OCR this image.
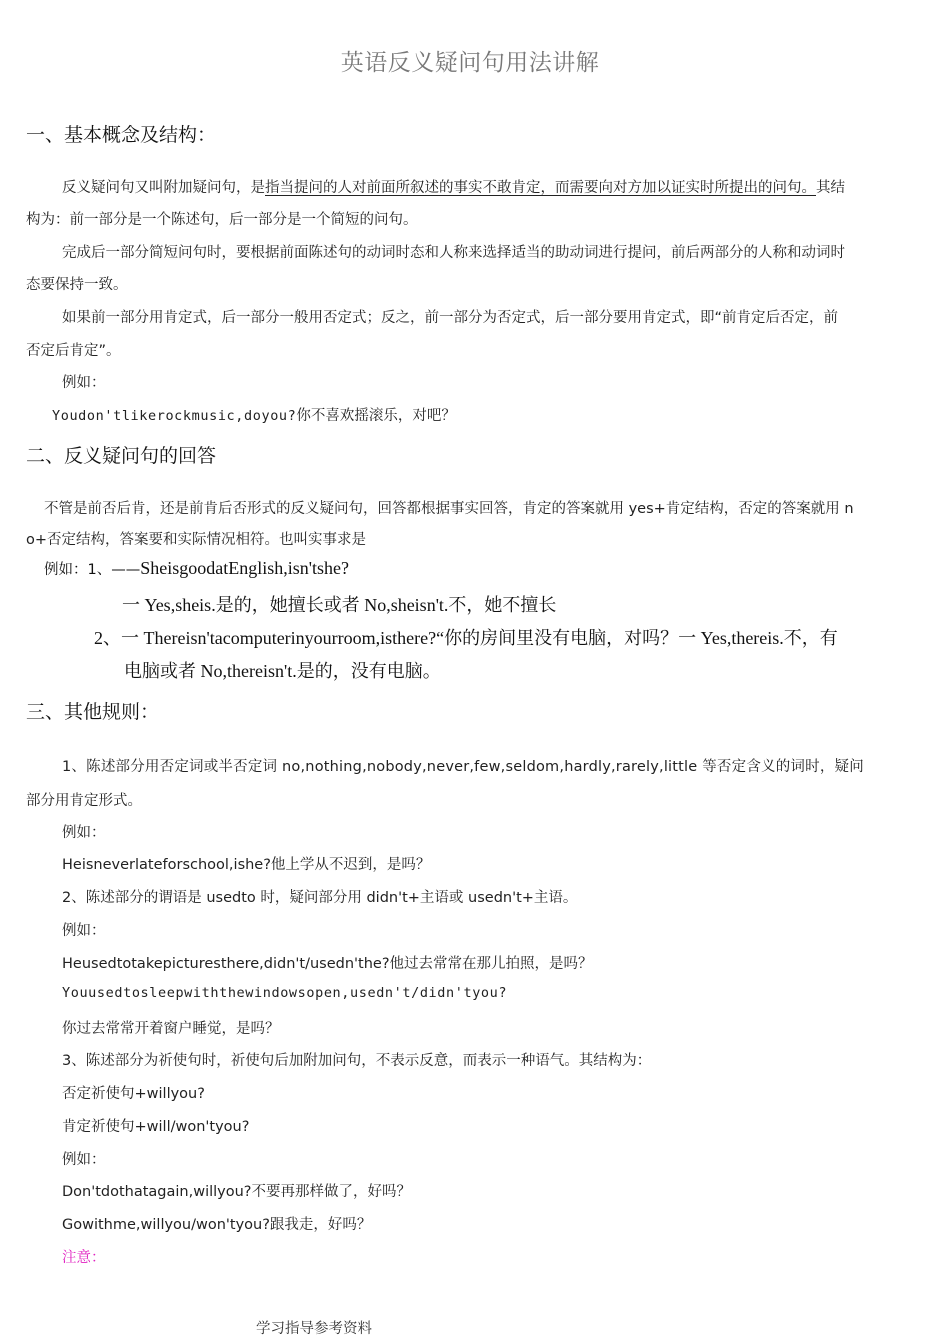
英语反义疑问句用法讲解
一、基本概念及结构：
反义疑问句又叫附加疑问句，是指当提问的人对前面所叙述的事实不敢肯定，而需要向对方加以证实时所提出的问句。其结
构为：前一部分是一个陈述句，后一部分是一个简短的问句。
完成后一部分简短问句时，要根据前面陈述句的动词时态和人称来选择适当的助动词进行提问，前后两部分的人称和动词时
态要保持一致。
如果前一部分用肯定式，后一部分一般用否定式；反之，前一部分为否定式，后一部分要用肯定式，即“前肯定后否定，前
否定后肯定”。
例如：
Youdon'tlikerockmusic,doyou?你不喜欢摇滚乐，对吧？
二、反义疑问句的回答
不管是前否后肯，还是前肯后否形式的反义疑问句，回答都根据事实回答，肯定的答案就用 yes+肯定结构，否定的答案就用 n
o+否定结构，答案要和实际情况相符。也叫实事求是
例如：1、——SheisgoodatEnglish,isn'tshe?
一 Yes,sheis.是的，她擅长或者 No,sheisn't.不，她不擅长
2、一 Thereisn'tacomputerinyourroom,isthere?“你的房间里没有电脑，对吗？一 Yes,thereis.不，有
电脑或者 No,thereisn't.是的，没有电脑。
三、其他规则：
1、陈述部分用否定词或半否定词 no,nothing,nobody,never,few,seldom,hardly,rarely,little 等否定含义的词时，疑问
部分用肯定形式。
例如：
Heisneverlateforschool,ishe?他上学从不迟到，是吗？
2、陈述部分的谓语是 usedto 时，疑问部分用 didn't+主语或 usedn't+主语。
例如：
Heusedtotakepicturesthere,didn't/usedn'the?他过去常常在那儿拍照，是吗？
Youusedtosleepwiththewindowsopen,usedn't/didn'tyou?
你过去常常开着窗户睡觉，是吗？
3、陈述部分为祈使句时，祈使句后加附加问句，不表示反意，而表示一种语气。其结构为：
否定祈使句+willyou?
肯定祈使句+will/won'tyou?
例如：
Don'tdothatagain,willyou?不要再那样做了，好吗？
Gowithme,willyou/won'tyou?跟我走，好吗？
注意：
学习指导参考资料
